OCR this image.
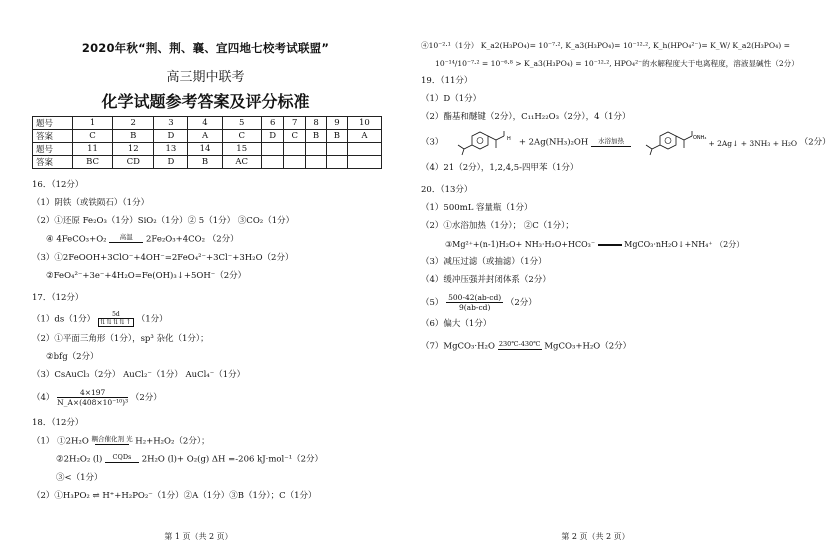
2020年秋“荆、荆、襄、宜四地七校考试联盟”
高三期中联考
化学试题参考答案及评分标准
题号	1	2	3	4	5	6	7	8	9	10
答案	C	B	D	A	C	D	C	B	B	A
题号	11	12	13	14	15					
答案	BC	CD	D	B	AC					
16．（12分）
（1）阴铁（或铁陨石）（1分）
（2）①还原 Fe₂O₃（1分）SiO₂（1分）② 5（1分） ③CO₂（1分）
④ 4FeCO₃+O₂ 高温 2Fe₂O₃+4CO₂ （2分）
（3）①2FeOOH+3ClO⁻+4OH⁻=2FeO₄²⁻+3Cl⁻+3H₂O（2分）
②FeO₄²⁻+3e⁻+4H₂O=Fe(OH)₃↓+5OH⁻（2分）
17．（12分）
（1）ds（1分）	5d
⇅⇅⇅⇅↑ （1分）
（2）①平面三角形（1分），sp³ 杂化（1分）；
②bfg（2分）
（3）CsAuCl₃（2分） AuCl₂⁻（1分） AuCl₄⁻（1分）
$(4) \frac{4\times 197}{\text{N\_A×(408×10⁻¹⁰)³}} (2$分）
18．（12分）
（1） ①2H₂O 耦合催化剂 光 H₂+H₂O₂（2分）；
②2H₂O₂ (l) CQDs 2H₂O (l)+ O₂(g) ΔH =-206 kJ·mol⁻¹（2分）
③<（1分）
（2）①H₃PO₂ ⇌ H⁺+H₂PO₂⁻（1分）②A（1分）③B（1分）；C（1分）
第 1 页（共 2 页）
④10⁻²·¹（1分） K_a2(H₃PO₄)= 10⁻⁷·², K_a3(H₃PO₄)= 10⁻¹²·², K_h(HPO₄²⁻)= K_W/ K_a2(H₃PO₄) =
10⁻¹⁴/10⁻⁷·² = 10⁻⁶·⁸ > K_a3(H₃PO₄) = 10⁻¹²·², HPO₄²⁻的水解程度大于电离程度，溶液显碱性（2分）
19．（11分）
（1）D（1分）
（2）酯基和醚键（2分），C₁₁H₂₂O₃（2分），4（1分）
（3）	H + 2Ag(NH₃)₂OH 水浴加热
	ONH₄
+ 2Ag↓ + 3NH₃ + H₂O （2分）
（4）21（2分），1,2,4,5-四甲苯（1分）
20．（13分）
（1）500mL 容量瓶（1分）
（2）①水浴加热（1分）； ②C（1分）；
③Mg²⁺+(n-1)H₂O+ NH₃·H₂O+HCO₃⁻	MgCO₃·nH₂O↓+NH₄⁺ （2分）
（3）减压过滤（或抽滤）（1分）
（4）缓冲压强并封闭体系（2分）
$(5) \frac{500-42(ab-cd)}{9(ab-cd)} (2$分）
（6）偏大（1分）
（7）MgCO₃·H₂O 230℃-430℃ MgCO₃+H₂O（2分）
第 2 页（共 2 页）
